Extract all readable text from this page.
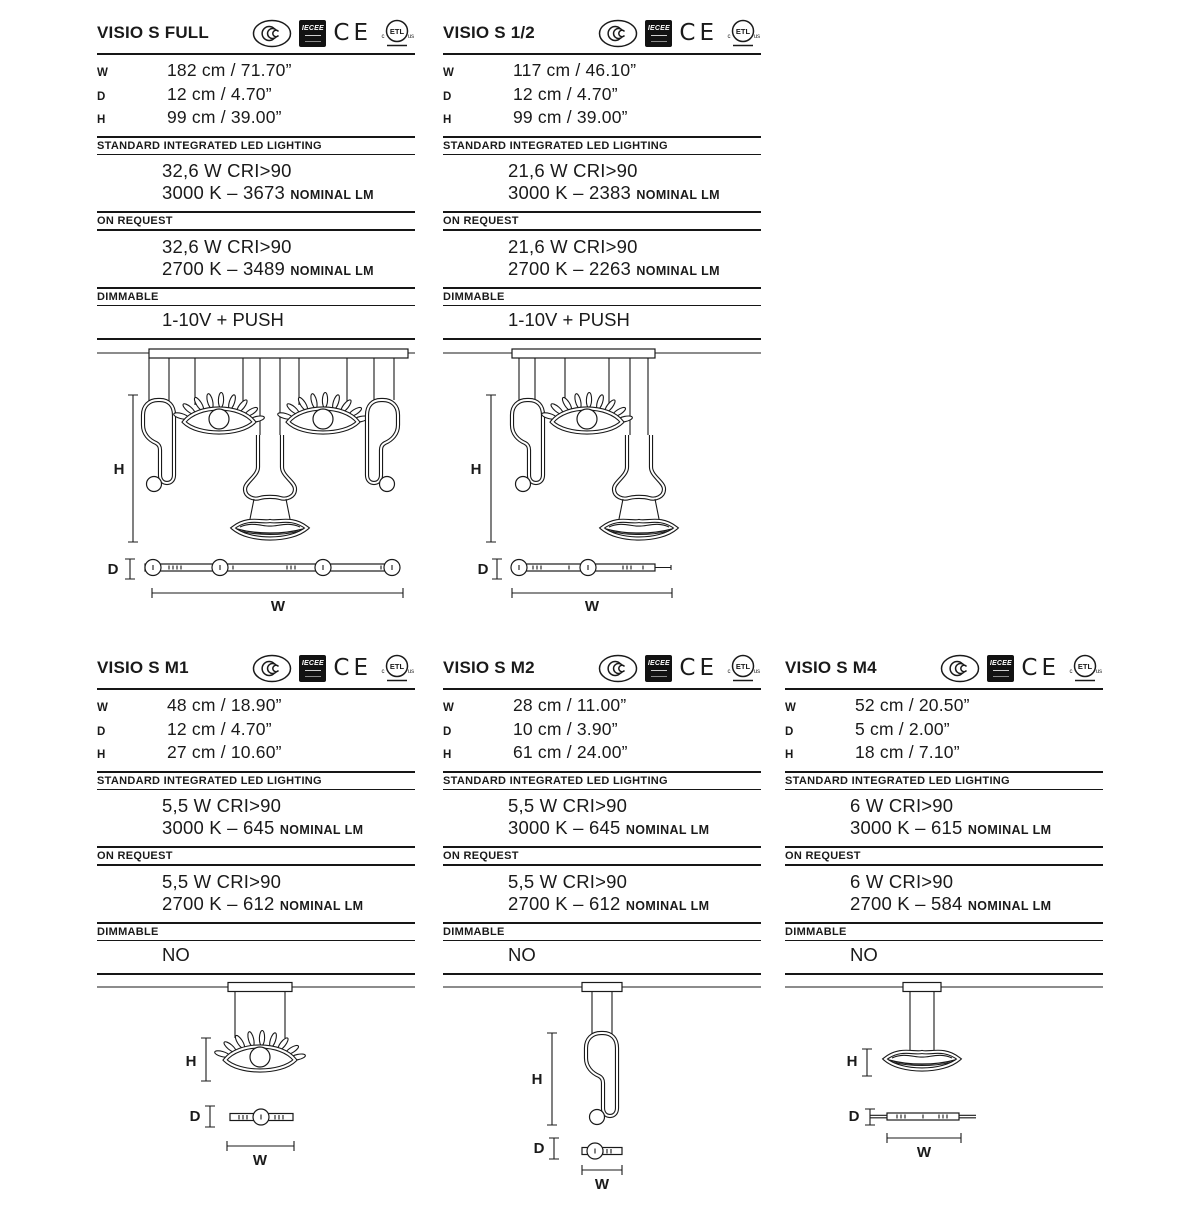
VISIO S FULL	IECEE CE ETL
c	us
W	182 cm / 71.70”
D	12 cm / 4.70”
H	99 cm / 39.00”
STANDARD INTEGRATED LED LIGHTING
32,6 W CRI>90
3000 K – 3673 NOMINAL LM
ON REQUEST
32,6 W CRI>90
2700 K – 3489 NOMINAL LM
DIMMABLE
1-10V + PUSH
H
D
W
VISIO S 1/2	IECEE CE ETL
c	us
W	117 cm / 46.10”
D	12 cm / 4.70”
H	99 cm / 39.00”
STANDARD INTEGRATED LED LIGHTING
21,6 W CRI>90
3000 K – 2383 NOMINAL LM
ON REQUEST
21,6 W CRI>90
2700 K – 2263 NOMINAL LM
DIMMABLE
1-10V + PUSH
H
D
W
VISIO S M1	IECEE CE ETL
c	us
W	48 cm / 18.90”
D	12 cm / 4.70”
H	27 cm / 10.60”
STANDARD INTEGRATED LED LIGHTING
5,5 W CRI>90
3000 K – 645 NOMINAL LM
ON REQUEST
5,5 W CRI>90
2700 K – 612 NOMINAL LM
DIMMABLE
NO
H
D
W
VISIO S M2	IECEE CE ETL
c	us
W	28 cm / 11.00”
D	10 cm / 3.90”
H	61 cm / 24.00”
STANDARD INTEGRATED LED LIGHTING
5,5 W CRI>90
3000 K – 645 NOMINAL LM
ON REQUEST
5,5 W CRI>90
2700 K – 612 NOMINAL LM
DIMMABLE
NO
H
D
W
VISIO S M4	IECEE CE ETL
c	us
W	52 cm / 20.50”
D	5 cm / 2.00”
H	18 cm / 7.10”
STANDARD INTEGRATED LED LIGHTING
6 W CRI>90
3000 K – 615 NOMINAL LM
ON REQUEST
6 W CRI>90
2700 K – 584 NOMINAL LM
DIMMABLE
NO
H
D
W
